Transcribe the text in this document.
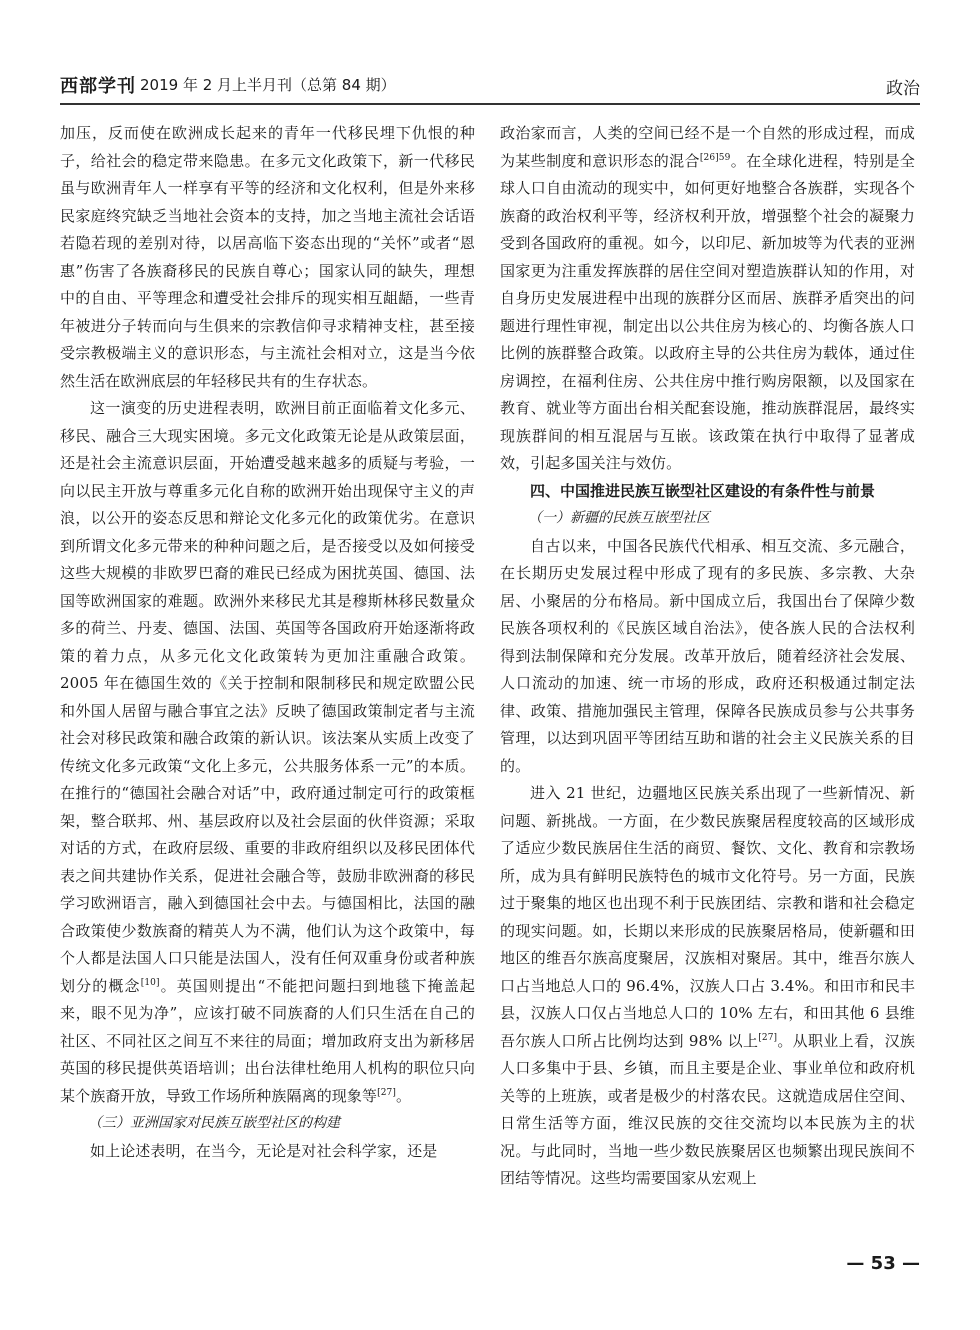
西部学刊 2019 年 2 月上半月刊（总第 84 期）	政治

加压，反而使在欧洲成长起来的青年一代移民埋下仇恨的种子，给社会的稳定带来隐患。在多元文化政策下，新一代移民虽与欧洲青年人一样享有平等的经济和文化权利，但是外来移民家庭终究缺乏当地社会资本的支持，加之当地主流社会话语若隐若现的差别对待，以居高临下姿态出现的“关怀”或者“恩惠”伤害了各族裔移民的民族自尊心；国家认同的缺失，理想中的自由、平等理念和遭受社会排斥的现实相互龃龉，一些青年被进分子转而向与生俱来的宗教信仰寻求精神支柱，甚至接受宗教极端主义的意识形态，与主流社会相对立，这是当今依然生活在欧洲底层的年轻移民共有的生存状态。

这一演变的历史进程表明，欧洲目前正面临着文化多元、移民、融合三大现实困境。多元文化政策无论是从政策层面，还是社会主流意识层面，开始遭受越来越多的质疑与考验，一向以民主开放与尊重多元化自称的欧洲开始出现保守主义的声浪，以公开的姿态反思和辩论文化多元化的政策优劣。在意识到所谓文化多元带来的种种问题之后，是否接受以及如何接受这些大规模的非欧罗巴裔的难民已经成为困扰英国、德国、法国等欧洲国家的难题。欧洲外来移民尤其是穆斯林移民数量众多的荷兰、丹麦、德国、法国、英国等各国政府开始逐渐将政策的着力点，从多元化文化政策转为更加注重融合政策。2005 年在德国生效的《关于控制和限制移民和规定欧盟公民和外国人居留与融合事宜之法》反映了德国政策制定者与主流社会对移民政策和融合政策的新认识。该法案从实质上改变了传统文化多元政策“文化上多元，公共服务体系一元”的本质。在推行的“德国社会融合对话”中，政府通过制定可行的政策框架，整合联邦、州、基层政府以及社会层面的伙伴资源；采取对话的方式，在政府层级、重要的非政府组织以及移民团体代表之间共建协作关系，促进社会融合等，鼓励非欧洲裔的移民学习欧洲语言，融入到德国社会中去。与德国相比，法国的融合政策使少数族裔的精英人为不满，他们认为这个政策中，每个人都是法国人口只能是法国人，没有任何双重身份或者种族划分的概念[10]。英国则提出“不能把问题扫到地毯下掩盖起来，眼不见为净”，应该打破不同族裔的人们只生活在自己的社区、不同社区之间互不来往的局面；增加政府支出为新移居英国的移民提供英语培训；出台法律杜绝用人机构的职位只向某个族裔开放，导致工作场所种族隔离的现象等[27]。

（三）亚洲国家对民族互嵌型社区的构建

如上论述表明，在当今，无论是对社会科学家，还是

政治家而言，人类的空间已经不是一个自然的形成过程，而成为某些制度和意识形态的混合$^{[26]59}$。在全球化进程，特别是全球人口自由流动的现实中，如何更好地整合各族群，实现各个族裔的政治权利平等，经济权利开放，增强整个社会的凝聚力受到各国政府的重视。如今，以印尼、新加坡等为代表的亚洲国家更为注重发挥族群的居住空间对塑造族群认知的作用，对自身历史发展进程中出现的族群分区而居、族群矛盾突出的问题进行理性审视，制定出以公共住房为核心的、均衡各族人口比例的族群整合政策。以政府主导的公共住房为载体，通过住房调控，在福利住房、公共住房中推行购房限额，以及国家在教育、就业等方面出台相关配套设施，推动族群混居，最终实现族群间的相互混居与互嵌。该政策在执行中取得了显著成效，引起多国关注与效仿。

四、中国推进民族互嵌型社区建设的有条件性与前景

（一）新疆的民族互嵌型社区

自古以来，中国各民族代代相承、相互交流、多元融合，在长期历史发展过程中形成了现有的多民族、多宗教、大杂居、小聚居的分布格局。新中国成立后，我国出台了保障少数民族各项权利的《民族区域自治法》，使各族人民的合法权利得到法制保障和充分发展。改革开放后，随着经济社会发展、人口流动的加速、统一市场的形成，政府还积极通过制定法律、政策、措施加强民主管理，保障各民族成员参与公共事务管理，以达到巩固平等团结互助和谐的社会主义民族关系的目的。

进入 21 世纪，边疆地区民族关系出现了一些新情况、新问题、新挑战。一方面，在少数民族聚居程度较高的区域形成了适应少数民族居住生活的商贸、餐饮、文化、教育和宗教场所，成为具有鲜明民族特色的城市文化符号。另一方面，民族过于聚集的地区也出现不利于民族团结、宗教和谐和社会稳定的现实问题。如，长期以来形成的民族聚居格局，使新疆和田地区的维吾尔族高度聚居，汉族相对聚居。其中，维吾尔族人口占当地总人口的 96.4%，汉族人口占 3.4%。和田市和民丰县，汉族人口仅占当地总人口的 10% 左右，和田其他 6 县维吾尔族人口所占比例均达到 98% 以上[27]。从职业上看，汉族人口多集中于县、乡镇，而且主要是企业、事业单位和政府机关等的上班族，或者是极少的村落农民。这就造成居住空间、日常生活等方面，维汉民族的交往交流均以本民族为主的状况。与此同时，当地一些少数民族聚居区也频繁出现民族间不团结等情况。这些均需要国家从宏观上

— 53 —
